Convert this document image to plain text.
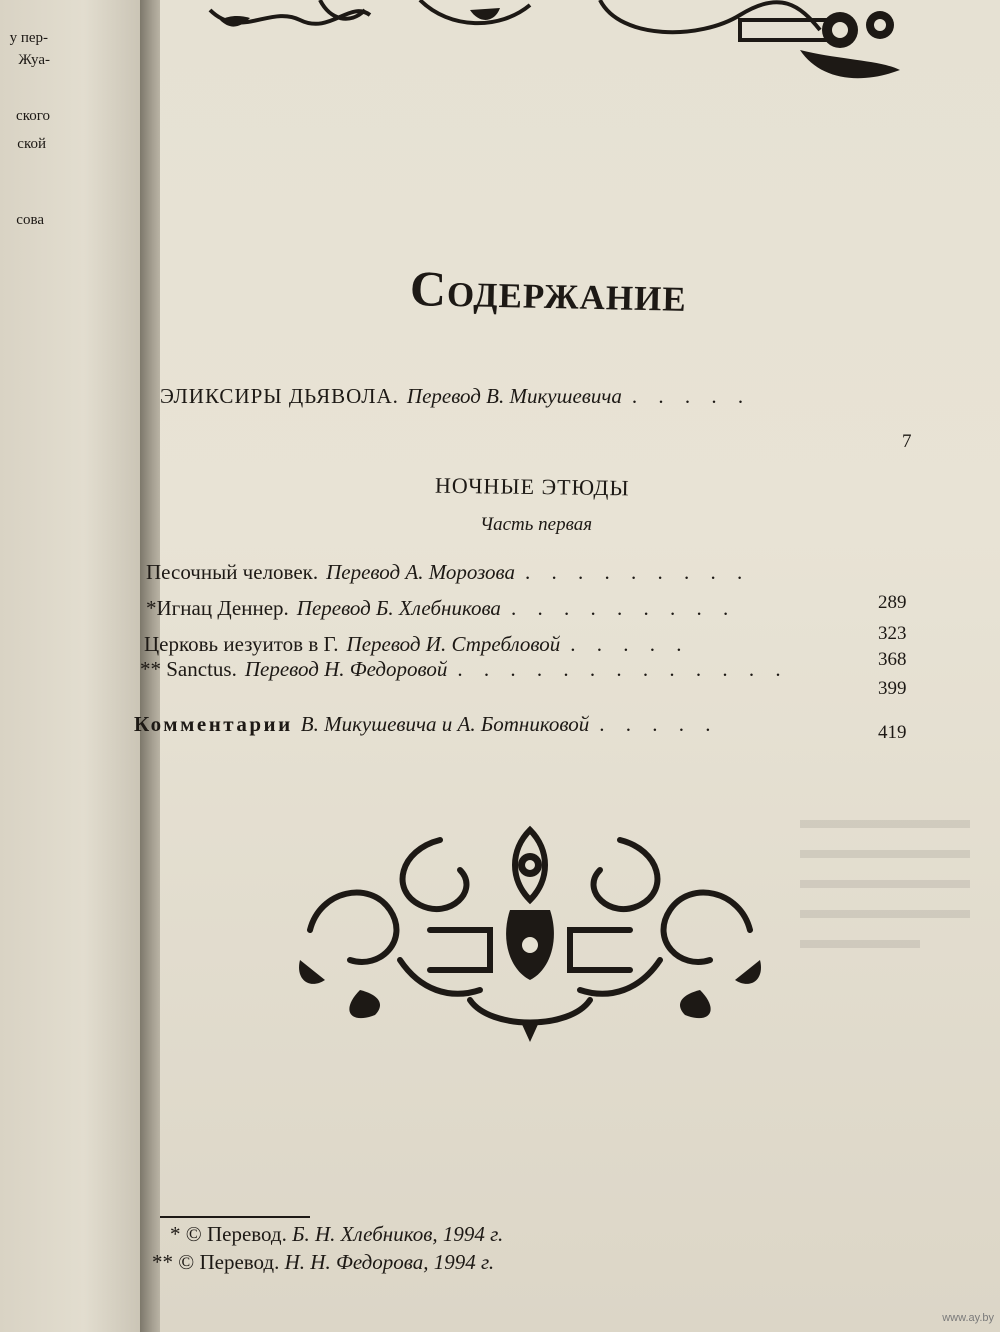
у пер-
Жуа-
ского
ской
сова
Содержание
ЭЛИКСИРЫ ДЬЯВОЛА. Перевод В. Микушевича . . . . .
7
НОЧНЫЕ ЭТЮДЫ
Часть первая
Песочный человек. Перевод А. Морозова . . . . . . . . .
289
*Игнац Деннер. Перевод Б. Хлебникова . . . . . . . . .
323
Церковь иезуитов в Г. Перевод И. Стребловой . . . . .
368
** Sanctus. Перевод Н. Федоровой . . . . . . . . . . . . .
399
Комментарии В. Микушевича и А. Ботниковой . . . . .	419
* © Перевод. Б. Н. Хлебников, 1994 г.
** © Перевод. Н. Н. Федорова, 1994 г.
www.ay.by
